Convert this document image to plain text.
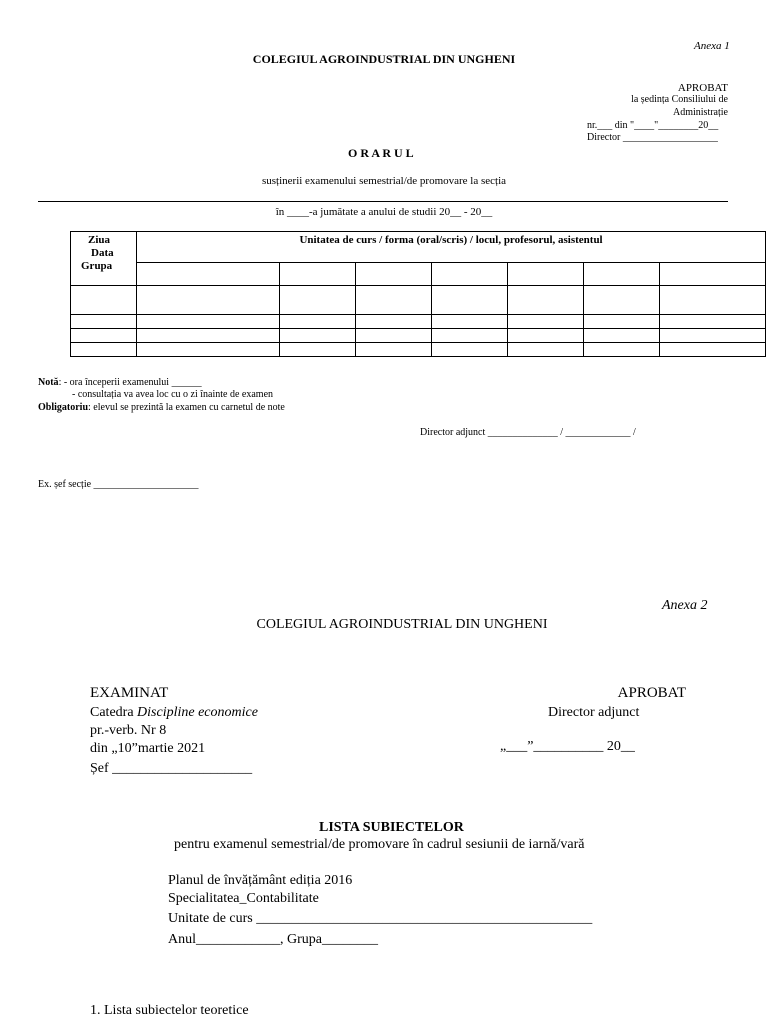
Anexa 1
COLEGIUL AGROINDUSTRIAL DIN UNGHENI
APROBAT
la ședința Consiliului de
Administrație
nr.___ din "____"________20__
Director ___________________
O R A R U L
susținerii examenului semestrial/de promovare la secția
în ____-a jumătate a anului de studii 20__ - 20__
Ziua
Data
Grupa	Unitatea de curs / forma (oral/scris) / locul, profesorul, asistentul						

Notă: - ora începerii examenului ______
- consultația va avea loc cu o zi înainte de examen
Obligatoriu: elevul se prezintă la examen cu carnetul de note
Director adjunct ______________ / _____________ /
Ex. șef secție _____________________
Anexa 2
COLEGIUL AGROINDUSTRIAL DIN UNGHENI
EXAMINAT
Catedra Discipline economice
pr.-verb. Nr 8
din „10”martie 2021
Șef ____________________
APROBAT
Director adjunct
„___”__________ 20__
LISTA SUBIECTELOR
pentru examenul semestrial/de promovare în cadrul sesiunii de iarnă/vară
Planul de învățământ ediția 2016
Specialitatea_Contabilitate
Unitate de curs ________________________________________________
Anul____________, Grupa________
1. Lista subiectelor teoretice
